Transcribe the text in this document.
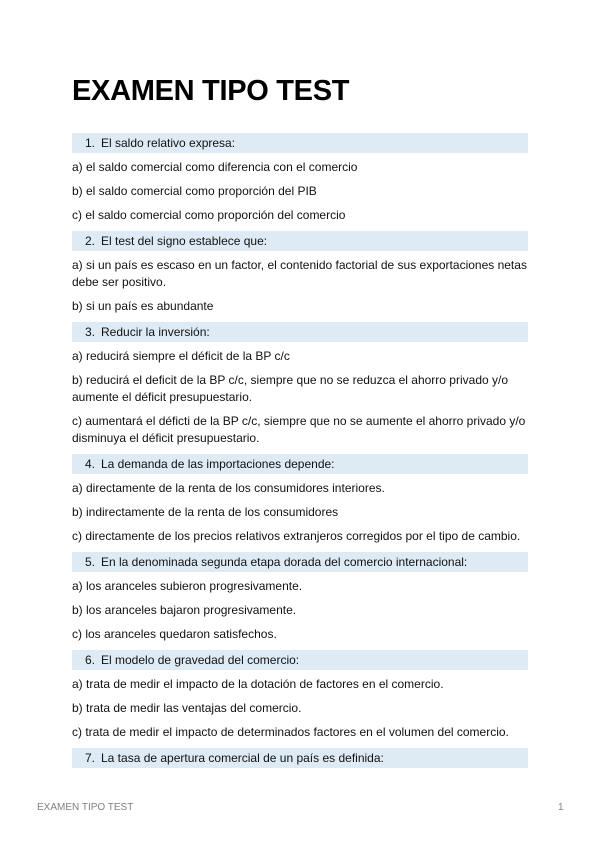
EXAMEN TIPO TEST
1. El saldo relativo expresa:
a) el saldo comercial como diferencia con el comercio
b) el saldo comercial como proporción del PIB
c) el saldo comercial como proporción del comercio
2. El test del signo establece que:
a) si un país es escaso en un factor, el contenido factorial de sus exportaciones netas debe ser positivo.
b) si un país es abundante
3. Reducir la inversión:
a) reducirá siempre el déficit de la BP c/c
b) reducirá el deficit de la BP c/c, siempre que no se reduzca el ahorro privado y/o aumente el déficit presupuestario.
c) aumentará el déficti de la BP c/c, siempre que no se aumente el ahorro privado y/o disminuya el déficit presupuestario.
4. La demanda de las importaciones depende:
a) directamente de la renta de los consumidores interiores.
b) indirectamente de la renta de los consumidores
c) directamente de los precios relativos extranjeros corregidos por el tipo de cambio.
5. En la denominada segunda etapa dorada del comercio internacional:
a) los aranceles subieron progresivamente.
b) los aranceles bajaron progresivamente.
c) los aranceles quedaron satisfechos.
6. El modelo de gravedad del comercio:
a) trata de medir el impacto de la dotación de factores en el comercio.
b) trata de medir las ventajas del comercio.
c) trata de medir el impacto de determinados factores en el volumen del comercio.
7. La tasa de apertura comercial de un país es definida:
EXAMEN TIPO TEST	1
